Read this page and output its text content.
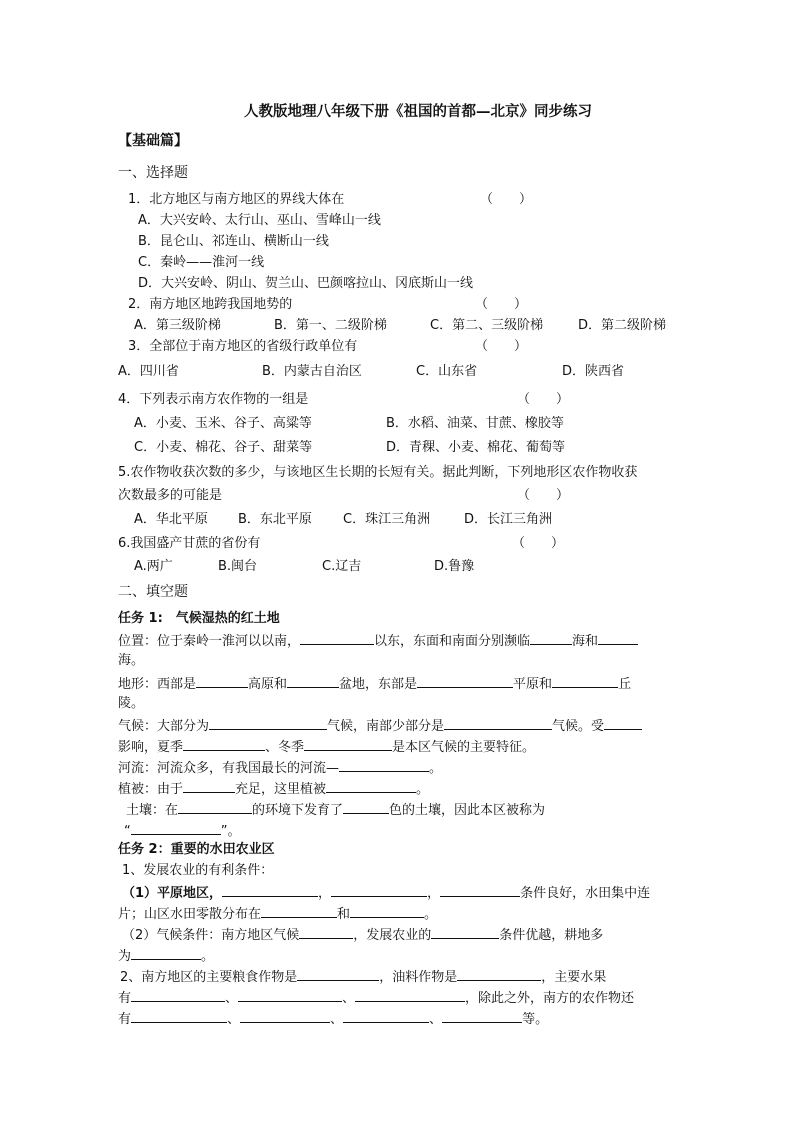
人教版地理八年级下册《祖国的首都—北京》同步练习
【基础篇】
一、选择题
1．北方地区与南方地区的界线大体在	（　　）
A．大兴安岭、太行山、巫山、雪峰山一线
B．昆仑山、祁连山、横断山一线
C．秦岭——淮河一线
D．大兴安岭、阴山、贺兰山、巴颜喀拉山、冈底斯山一线
2．南方地区地跨我国地势的	（　　）
A．第三级阶梯	B．第一、二级阶梯	C．第二、三级阶梯	D．第二级阶梯
3．全部位于南方地区的省级行政单位有	（　　）
A．四川省	B．内蒙古自治区	C．山东省	D．陕西省
4．下列表示南方农作物的一组是	（　　）
A．小麦、玉米、谷子、高粱等	B．水稻、油菜、甘蔗、橡胶等
C．小麦、棉花、谷子、甜菜等	D．青稞、小麦、棉花、葡萄等
5.农作物收获次数的多少，与该地区生长期的长短有关。据此判断，下列地形区农作物收获
次数最多的可能是	（　　）
A．华北平原 B．东北平原 C．珠江三角洲	D．长江三角洲
6.我国盛产甘蔗的省份有	（　　）
A.两广	B.闽台	C.辽吉	D.鲁豫
二、填空题
任务 1:　气候湿热的红土地
位置：位于秦岭一淮河以以南，	以东，东面和南面分别濒临	海和
海。
地形：西部是	高原和	盆地，东部是	平原和	丘
陵。
气候：大部分为	气候，南部少部分是	气候。受
影响，夏季	、冬季	是本区气候的主要特征。
河流：河流众多，有我国最长的河流—	。
植被：由于	充足，这里植被	。
土壤：在	的环境下发育了	色的土壤，因此本区被称为
“	”。
任务 2：重要的水田农业区
1、发展农业的有利条件：
（1）平原地区，	，	，	条件良好，水田集中连
片；山区水田零散分布在	和	。
（2）气候条件：南方地区气候	，发展农业的	条件优越，耕地多
为	。
2、南方地区的主要粮食作物是	，油料作物是	，主要水果
有	、	、	，除此之外，南方的农作物还
有	、	、	、	等。
